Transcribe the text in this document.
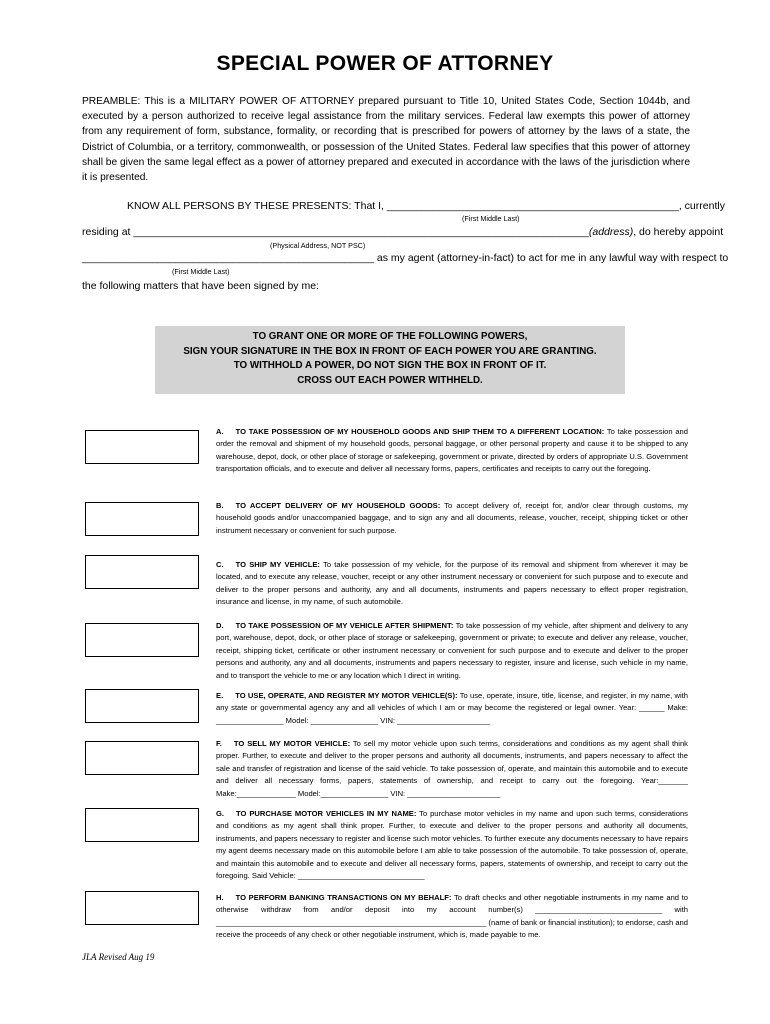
SPECIAL POWER OF ATTORNEY
PREAMBLE: This is a MILITARY POWER OF ATTORNEY prepared pursuant to Title 10, United States Code, Section 1044b, and executed by a person authorized to receive legal assistance from the military services. Federal law exempts this power of attorney from any requirement of form, substance, formality, or recording that is prescribed for powers of attorney by the laws of a state, the District of Columbia, or a territory, commonwealth, or possession of the United States. Federal law specifies that this power of attorney shall be given the same legal effect as a power of attorney prepared and executed in accordance with the laws of the jurisdiction where it is presented.
KNOW ALL PERSONS BY THESE PRESENTS: That I, __________________________________________________, currently
(First Middle Last)
residing at ______________________________________________________________________________(address), do hereby appoint
(Physical Address, NOT PSC)
__________________________________________________ as my agent (attorney-in-fact) to act for me in any lawful way with respect to
(First Middle Last)
the following matters that have been signed by me:
TO GRANT ONE OR MORE OF THE FOLLOWING POWERS,
SIGN YOUR SIGNATURE IN THE BOX IN FRONT OF EACH POWER YOU ARE GRANTING.
TO WITHHOLD A POWER, DO NOT SIGN THE BOX IN FRONT OF IT.
CROSS OUT EACH POWER WITHHELD.
A. TO TAKE POSSESSION OF MY HOUSEHOLD GOODS AND SHIP THEM TO A DIFFERENT LOCATION: To take possession and order the removal and shipment of my household goods, personal baggage, or other personal property and cause it to be shipped to any warehouse, depot, dock, or other place of storage or safekeeping, government or private, directed by orders of appropriate U.S. Government transportation officials, and to execute and deliver all necessary forms, papers, certificates and receipts to carry out the foregoing.
B. TO ACCEPT DELIVERY OF MY HOUSEHOLD GOODS: To accept delivery of, receipt for, and/or clear through customs, my household goods and/or unaccompanied baggage, and to sign any and all documents, release, voucher, receipt, shipping ticket or other instrument necessary or convenient for such purpose.
C. TO SHIP MY VEHICLE: To take possession of my vehicle, for the purpose of its removal and shipment from wherever it may be located, and to execute any release, voucher, receipt or any other instrument necessary or convenient for such purpose and to execute and deliver to the proper persons and authority, any and all documents, instruments and papers necessary to effect proper registration, insurance and license, in my name, of such automobile.
D. TO TAKE POSSESSION OF MY VEHICLE AFTER SHIPMENT: To take possession of my vehicle, after shipment and delivery to any port, warehouse, depot, dock, or other place of storage or safekeeping, government or private; to execute and deliver any release, voucher, receipt, shipping ticket, certificate or other instrument necessary or convenient for such purpose and to execute and deliver to the proper persons and authority, any and all documents, instruments and papers necessary to register, insure and license, such vehicle in my name, and to transport the vehicle to me or any location which I direct in writing.
E. TO USE, OPERATE, AND REGISTER MY MOTOR VEHICLE(S): To use, operate, insure, title, license, and register, in my name, with any state or governmental agency any and all vehicles of which I am or may become the registered or legal owner. Year: ______ Make: ________________ Model: ________________ VIN: ______________________
F. TO SELL MY MOTOR VEHICLE: To sell my motor vehicle upon such terms, considerations and conditions as my agent shall think proper. Further, to execute and deliver to the proper persons and authority all documents, instruments, and papers necessary to affect the sale and transfer of registration and license of the said vehicle. To take possession of, operate, and maintain this automobile and to execute and deliver all necessary forms, papers, statements of ownership, and receipt to carry out the foregoing. Year:_______ Make:______________ Model:________________ VIN: ______________________
G. TO PURCHASE MOTOR VEHICLES IN MY NAME: To purchase motor vehicles in my name and upon such terms, considerations and conditions as my agent shall think proper. Further, to execute and deliver to the proper persons and authority all documents, instruments, and papers necessary to register and license such motor vehicles. To further execute any documents necessary to have repairs my agent deems necessary made on this automobile before I am able to take possession of the automobile. To take possession of, operate, and maintain this automobile and to execute and deliver all necessary forms, papers, statements of ownership, and receipt to carry out the foregoing. Said Vehicle: ______________________________
H. TO PERFORM BANKING TRANSACTIONS ON MY BEHALF: To draft checks and other negotiable instruments in my name and to otherwise withdraw from and/or deposit into my account number(s) ______________________________ with ________________________________________________________________ (name of bank or financial institution); to endorse, cash and receive the proceeds of any check or other negotiable instrument, which is, made payable to me.
JLA Revised Aug 19
